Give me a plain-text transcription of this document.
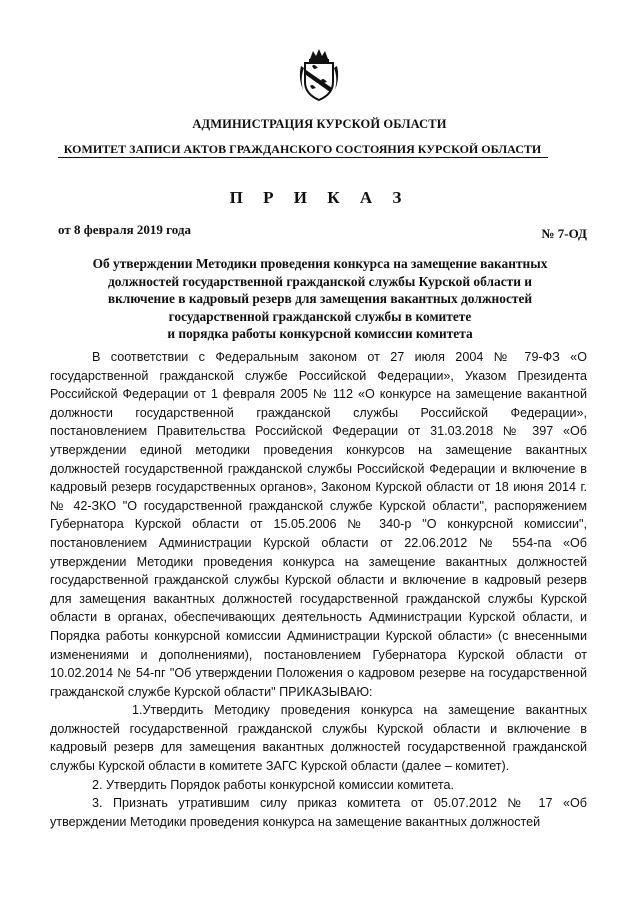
АДМИНИСТРАЦИЯ КУРСКОЙ ОБЛАСТИ
КОМИТЕТ ЗАПИСИ АКТОВ ГРАЖДАНСКОГО СОСТОЯНИЯ КУРСКОЙ ОБЛАСТИ
П Р И К А З
от 8 февраля 2019 года	№ 7-ОД
Об утверждении Методики проведения конкурса на замещение вакантных
должностей государственной гражданской службы Курской области и
включение в кадровый резерв для замещения вакантных должностей
государственной гражданской службы в комитете
и порядка работы конкурсной комиссии комитета

В соответствии с Федеральным законом от 27 июля 2004 № 79-ФЗ «О государственной гражданской службе Российской Федерации», Указом Президента Российской Федерации от 1 февраля 2005 № 112 «О конкурсе на замещение вакантной должности государственной гражданской службы Российской Федерации», постановлением Правительства Российской Федерации от 31.03.2018 № 397 «Об утверждении единой методики проведения конкурсов на замещение вакантных должностей государственной гражданской службы Российской Федерации и включение в кадровый резерв государственных органов», Законом Курской области от 18 июня 2014 г. № 42-ЗКО "О государственной гражданской службе Курской области", распоряжением Губернатора Курской области от 15.05.2006 № 340-р "О конкурсной комиссии", постановлением Администрации Курской области от 22.06.2012 № 554-па «Об утверждении Методики проведения конкурса на замещение вакантных должностей государственной гражданской службы Курской области и включение в кадровый резерв для замещения вакантных должностей государственной гражданской службы Курской области в органах, обеспечивающих деятельность Администрации Курской области, и Порядка работы конкурсной комиссии Администрации Курской области» (с внесенными изменениями и дополнениями), постановлением Губернатора Курской области от 10.02.2014 № 54-пг "Об утверждении Положения о кадровом резерве на государственной гражданской службе Курской области" ПРИКАЗЫВАЮ:

1.Утвердить Методику проведения конкурса на замещение вакантных должностей государственной гражданской службы Курской области и включение в кадровый резерв для замещения вакантных должностей государственной гражданской службы Курской области в комитете ЗАГС Курской области (далее – комитет).

2. Утвердить Порядок работы конкурсной комиссии комитета.

3. Признать утратившим силу приказ комитета от 05.07.2012 № 17 «Об утверждении Методики проведения конкурса на замещение вакантных должностей
